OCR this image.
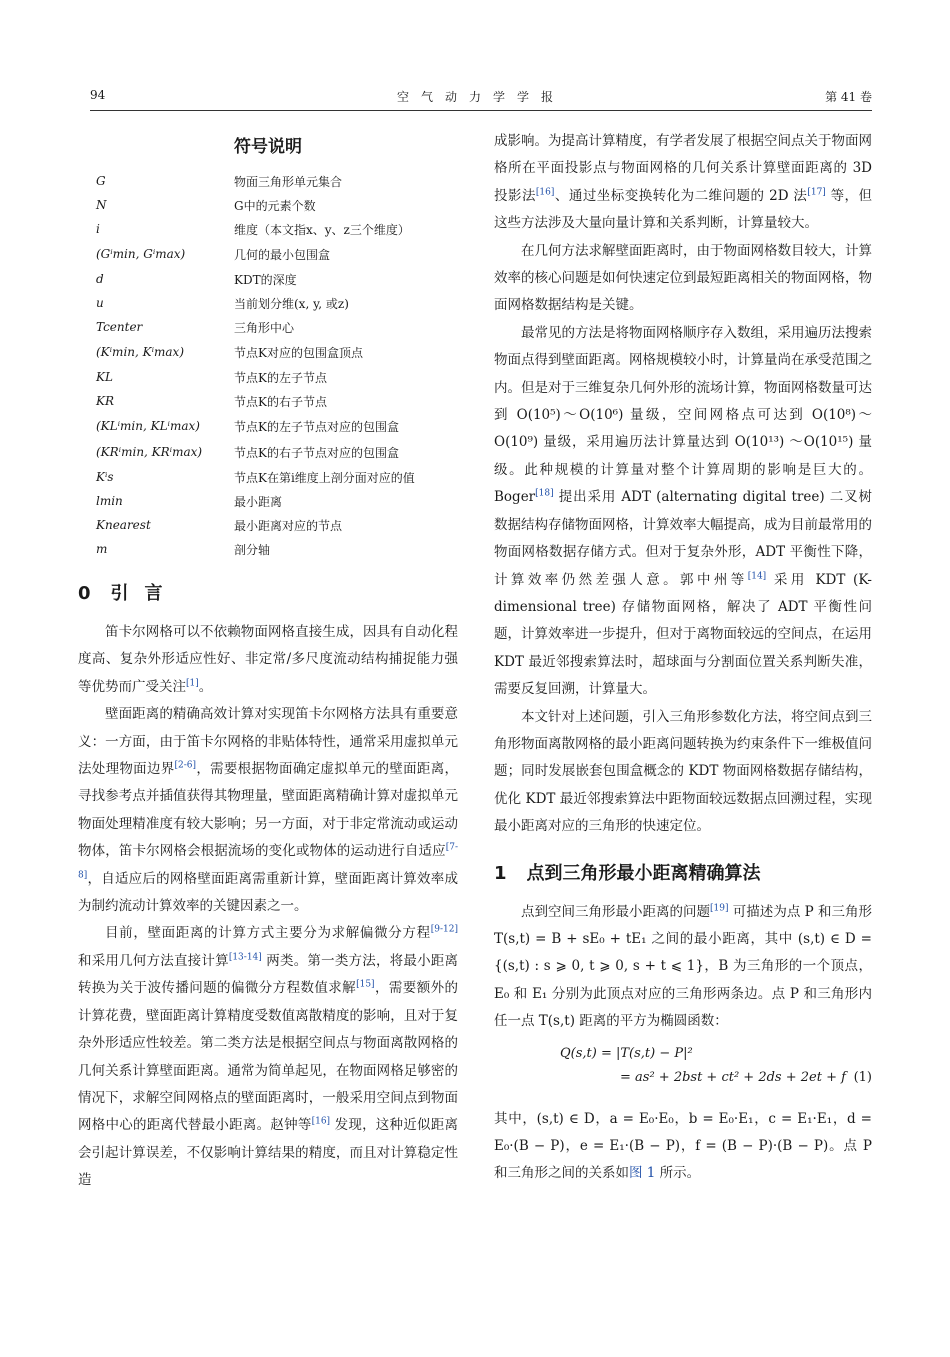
94	空气动力学学报	第 41 卷
符号说明
G	物面三角形单元集合
N	G中的元素个数
i	维度（本文指x、y、z三个维度）
(Gⁱmin, Gⁱmax)	几何的最小包围盒
d	KDT的深度
u	当前划分维(x, y, 或z)
Tcenter	三角形中心
(Kⁱmin, Kⁱmax)	节点K对应的包围盒顶点
KL	节点K的左子节点
KR	节点K的右子节点
(KLⁱmin, KLⁱmax)	节点K的左子节点对应的包围盒
(KRⁱmin, KRⁱmax)	节点K的右子节点对应的包围盒
Kⁱs	节点K在第i维度上剖分面对应的值
lmin	最小距离
Knearest	最小距离对应的节点
m	剖分轴
0 引言

笛卡尔网格可以不依赖物面网格直接生成，因具有自动化程度高、复杂外形适应性好、非定常/多尺度流动结构捕捉能力强等优势而广受关注[1]。

壁面距离的精确高效计算对实现笛卡尔网格方法具有重要意义：一方面，由于笛卡尔网格的非贴体特性，通常采用虚拟单元法处理物面边界[2-6]，需要根据物面确定虚拟单元的壁面距离，寻找参考点并插值获得其物理量，壁面距离精确计算对虚拟单元物面处理精准度有较大影响；另一方面，对于非定常流动或运动物体，笛卡尔网格会根据流场的变化或物体的运动进行自适应[7-8]，自适应后的网格壁面距离需重新计算，壁面距离计算效率成为制约流动计算效率的关键因素之一。

目前，壁面距离的计算方式主要分为求解偏微分方程[9-12] 和采用几何方法直接计算[13-14] 两类。第一类方法，将最小距离转换为关于波传播问题的偏微分方程数值求解[15]，需要额外的计算花费，壁面距离计算精度受数值离散精度的影响，且对于复杂外形适应性较差。第二类方法是根据空间点与物面离散网格的几何关系计算壁面距离。通常为简单起见，在物面网格足够密的情况下，求解空间网格点的壁面距离时，一般采用空间点到物面网格中心的距离代替最小距离。赵钟等[16] 发现，这种近似距离会引起计算误差，不仅影响计算结果的精度，而且对计算稳定性造

成影响。为提高计算精度，有学者发展了根据空间点关于物面网格所在平面投影点与物面网格的几何关系计算壁面距离的 3D 投影法[16]、通过坐标变换转化为二维问题的 2D 法[17] 等，但这些方法涉及大量向量计算和关系判断，计算量较大。

在几何方法求解壁面距离时，由于物面网格数目较大，计算效率的核心问题是如何快速定位到最短距离相关的物面网格，物面网格数据结构是关键。

最常见的方法是将物面网格顺序存入数组，采用遍历法搜索物面点得到壁面距离。网格规模较小时，计算量尚在承受范围之内。但是对于三维复杂几何外形的流场计算，物面网格数量可达到 O(10⁵)～O(10⁶) 量级，空间网格点可达到 O(10⁸)～O(10⁹) 量级，采用遍历法计算量达到 O(10¹³) ～O(10¹⁵) 量级。此种规模的计算量对整个计算周期的影响是巨大的。Boger[18] 提出采用 ADT (alternating digital tree) 二叉树数据结构存储物面网格，计算效率大幅提高，成为目前最常用的物面网格数据存储方式。但对于复杂外形，ADT 平衡性下降，计算效率仍然差强人意。郭中州等[14] 采用 KDT (K-dimensional tree) 存储物面网格，解决了 ADT 平衡性问题，计算效率进一步提升，但对于离物面较远的空间点，在运用 KDT 最近邻搜索算法时，超球面与分割面位置关系判断失准，需要反复回溯，计算量大。

本文针对上述问题，引入三角形参数化方法，将空间点到三角形物面离散网格的最小距离问题转换为约束条件下一维极值问题；同时发展嵌套包围盒概念的 KDT 物面网格数据存储结构，优化 KDT 最近邻搜索算法中距物面较远数据点回溯过程，实现最小距离对应的三角形的快速定位。

1 点到三角形最小距离精确算法

点到空间三角形最小距离的问题[19] 可描述为点 P 和三角形 T(s,t) = B + sE₀ + tE₁ 之间的最小距离，其中 (s,t) ∈ D = {(s,t) : s ⩾ 0, t ⩾ 0, s + t ⩽ 1}，B 为三角形的一个顶点，E₀ 和 E₁ 分别为此顶点对应的三角形两条边。点 P 和三角形内任一点 T(s,t) 距离的平方为椭圆函数：

Q(s,t) = |T(s,t) − P|²
= as² + 2bst + ct² + 2ds + 2et + f (1)

其中，(s,t) ∈ D，a = E₀·E₀，b = E₀·E₁，c = E₁·E₁，d = E₀·(B − P)，e = E₁·(B − P)，f = (B − P)·(B − P)。点 P 和三角形之间的关系如图 1 所示。
